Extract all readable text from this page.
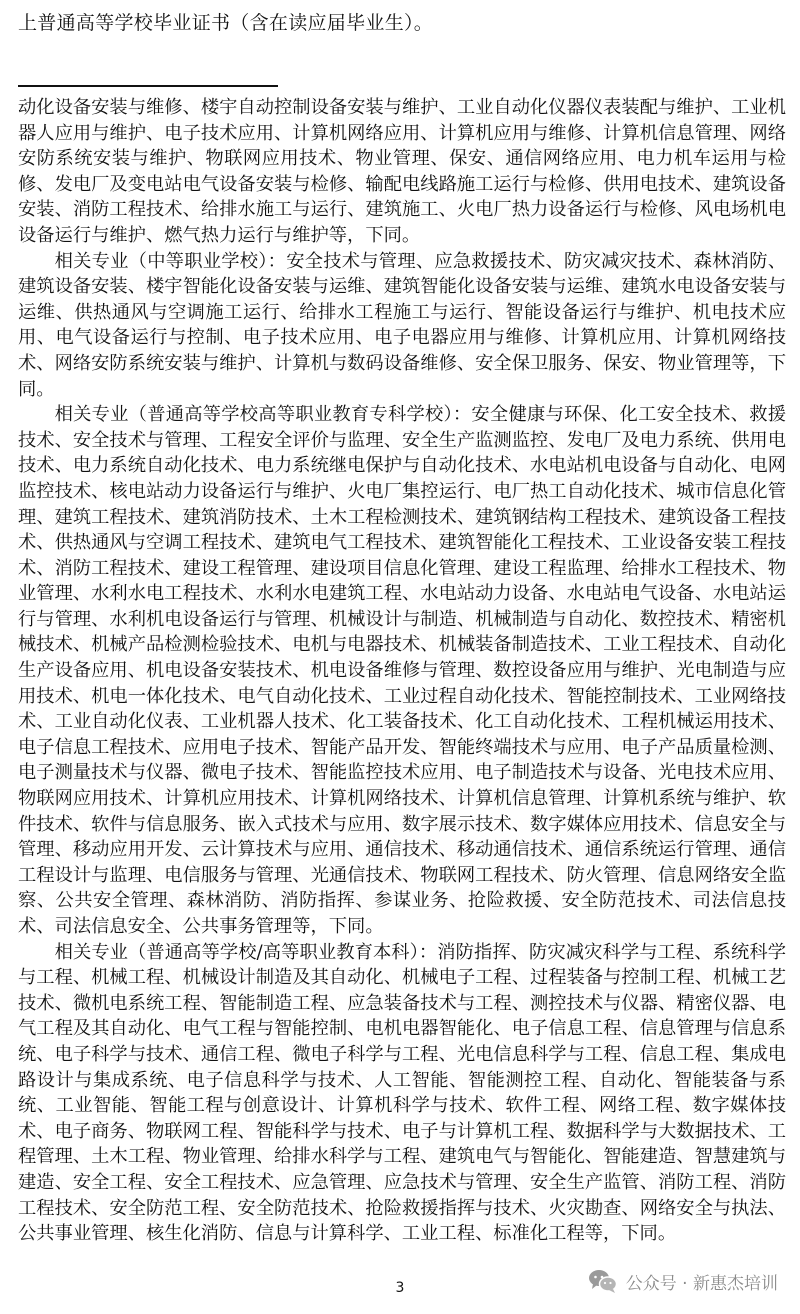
上普通高等学校毕业证书（含在读应届毕业生）。

动化设备安装与维修、楼宇自动控制设备安装与维护、工业自动化仪器仪表装配与维护、工业机器人应用与维护、电子技术应用、计算机网络应用、计算机应用与维修、计算机信息管理、网络安防系统安装与维护、物联网应用技术、物业管理、保安、通信网络应用、电力机车运用与检修、发电厂及变电站电气设备安装与检修、输配电线路施工运行与检修、供用电技术、建筑设备安装、消防工程技术、给排水施工与运行、建筑施工、火电厂热力设备运行与检修、风电场机电设备运行与维护、燃气热力运行与维护等，下同。

相关专业（中等职业学校）：安全技术与管理、应急救援技术、防灾减灾技术、森林消防、建筑设备安装、楼宇智能化设备安装与运维、建筑智能化设备安装与运维、建筑水电设备安装与运维、供热通风与空调施工运行、给排水工程施工与运行、智能设备运行与维护、机电技术应用、电气设备运行与控制、电子技术应用、电子电器应用与维修、计算机应用、计算机网络技术、网络安防系统安装与维护、计算机与数码设备维修、安全保卫服务、保安、物业管理等，下同。

相关专业（普通高等学校高等职业教育专科学校）：安全健康与环保、化工安全技术、救援技术、安全技术与管理、工程安全评价与监理、安全生产监测监控、发电厂及电力系统、供用电技术、电力系统自动化技术、电力系统继电保护与自动化技术、水电站机电设备与自动化、电网监控技术、核电站动力设备运行与维护、火电厂集控运行、电厂热工自动化技术、城市信息化管理、建筑工程技术、建筑消防技术、土木工程检测技术、建筑钢结构工程技术、建筑设备工程技术、供热通风与空调工程技术、建筑电气工程技术、建筑智能化工程技术、工业设备安装工程技术、消防工程技术、建设工程管理、建设项目信息化管理、建设工程监理、给排水工程技术、物业管理、水利水电工程技术、水利水电建筑工程、水电站动力设备、水电站电气设备、水电站运行与管理、水利机电设备运行与管理、机械设计与制造、机械制造与自动化、数控技术、精密机械技术、机械产品检测检验技术、电机与电器技术、机械装备制造技术、工业工程技术、自动化生产设备应用、机电设备安装技术、机电设备维修与管理、数控设备应用与维护、光电制造与应用技术、机电一体化技术、电气自动化技术、工业过程自动化技术、智能控制技术、工业网络技术、工业自动化仪表、工业机器人技术、化工装备技术、化工自动化技术、工程机械运用技术、电子信息工程技术、应用电子技术、智能产品开发、智能终端技术与应用、电子产品质量检测、电子测量技术与仪器、微电子技术、智能监控技术应用、电子制造技术与设备、光电技术应用、物联网应用技术、计算机应用技术、计算机网络技术、计算机信息管理、计算机系统与维护、软件技术、软件与信息服务、嵌入式技术与应用、数字展示技术、数字媒体应用技术、信息安全与管理、移动应用开发、云计算技术与应用、通信技术、移动通信技术、通信系统运行管理、通信工程设计与监理、电信服务与管理、光通信技术、物联网工程技术、防火管理、信息网络安全监察、公共安全管理、森林消防、消防指挥、参谋业务、抢险救援、安全防范技术、司法信息技术、司法信息安全、公共事务管理等，下同。

相关专业（普通高等学校/高等职业教育本科）：消防指挥、防灾减灾科学与工程、系统科学与工程、机械工程、机械设计制造及其自动化、机械电子工程、过程装备与控制工程、机械工艺技术、微机电系统工程、智能制造工程、应急装备技术与工程、测控技术与仪器、精密仪器、电气工程及其自动化、电气工程与智能控制、电机电器智能化、电子信息工程、信息管理与信息系统、电子科学与技术、通信工程、微电子科学与工程、光电信息科学与工程、信息工程、集成电路设计与集成系统、电子信息科学与技术、人工智能、智能测控工程、自动化、智能装备与系统、工业智能、智能工程与创意设计、计算机科学与技术、软件工程、网络工程、数字媒体技术、电子商务、物联网工程、智能科学与技术、电子与计算机工程、数据科学与大数据技术、工程管理、土木工程、物业管理、给排水科学与工程、建筑电气与智能化、智能建造、智慧建筑与建造、安全工程、安全工程技术、应急管理、应急技术与管理、安全生产监管、消防工程、消防工程技术、安全防范工程、安全防范技术、抢险救援指挥与技术、火灾勘查、网络安全与执法、公共事业管理、核生化消防、信息与计算科学、工业工程、标准化工程等，下同。

3	公众号 · 新惠杰培训
